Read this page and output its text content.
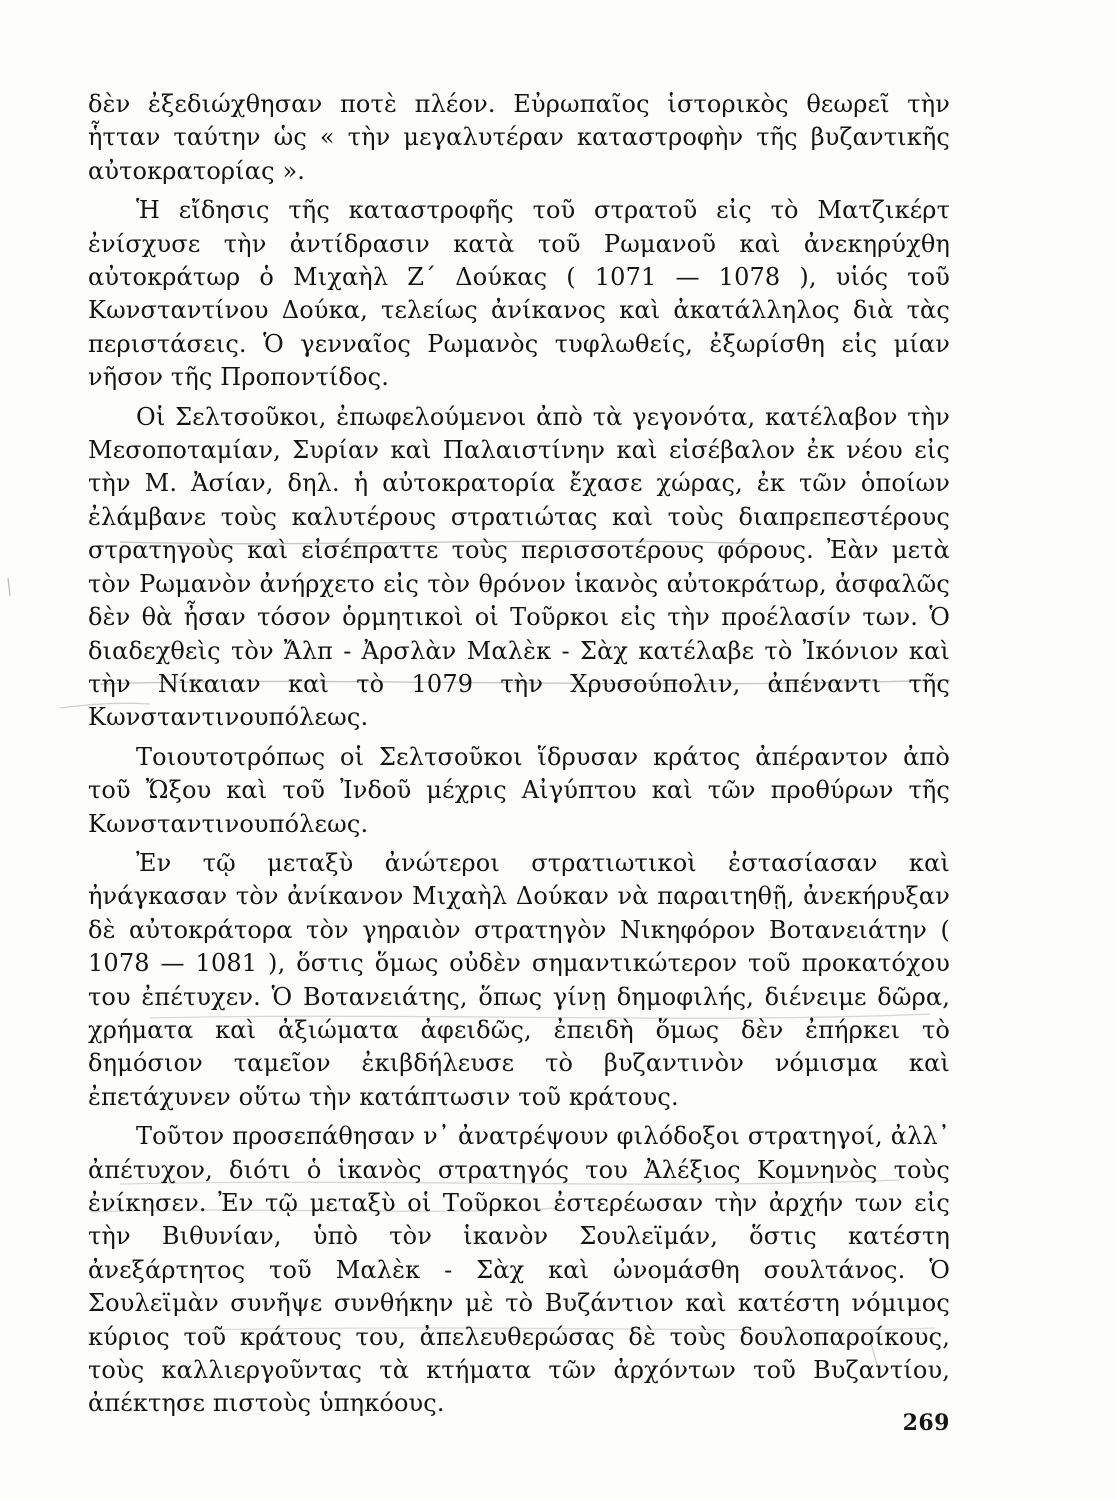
δὲν ἐξεδιώχθησαν ποτὲ πλέον. Εὐρωπαῖος ἱστορικὸς θεωρεῖ τὴν ἧτταν ταύτην ὡς « τὴν μεγαλυτέραν καταστροφὴν τῆς βυζαντικῆς αὐτοκρατορίας ».

Ἡ εἴδησις τῆς καταστροφῆς τοῦ στρατοῦ εἰς τὸ Ματζικέρτ ἐνίσχυσε τὴν ἀντίδρασιν κατὰ τοῦ Ρωμανοῦ καὶ ἀνεκηρύχθη αὐτοκράτωρ ὁ Μιχαὴλ Ζ΄ Δούκας ( 1071 — 1078 ), υἱός τοῦ Κωνσταντίνου Δούκα, τελείως ἀνίκανος καὶ ἀκατάλληλος διὰ τὰς περιστάσεις. Ὁ γενναῖος Ρωμανὸς τυφλωθείς, ἐξωρίσθη εἰς μίαν νῆσον τῆς Προποντίδος.

Οἱ Σελτσοῦκοι, ἐπωφελούμενοι ἀπὸ τὰ γεγονότα, κατέλαβον τὴν Μεσοποταμίαν, Συρίαν καὶ Παλαιστίνην καὶ εἰσέβαλον ἐκ νέου εἰς τὴν Μ. Ἀσίαν, δηλ. ἡ αὐτοκρατορία ἔχασε χώρας, ἐκ τῶν ὁποίων ἐλάμβανε τοὺς καλυτέρους στρατιώτας καὶ τοὺς διαπρεπεστέρους στρατηγοὺς καὶ εἰσέπραττε τοὺς περισσοτέρους φόρους. Ἐὰν μετὰ τὸν Ρωμανὸν ἀνήρχετο εἰς τὸν θρόνον ἱκανὸς αὐτοκράτωρ, ἀσφαλῶς δὲν θὰ ἦσαν τόσον ὁρμητικοὶ οἱ Τοῦρκοι εἰς τὴν προέλασίν των. Ὁ διαδεχθεὶς τὸν Ἄλπ - Ἀρσλὰν Μαλὲκ - Σὰχ κατέλαβε τὸ Ἰκόνιον καὶ τὴν Νίκαιαν καὶ τὸ 1079 τὴν Χρυσούπολιν, ἀπέναντι τῆς Κωνσταντινουπόλεως.

Τοιουτοτρόπως οἱ Σελτσοῦκοι ἵδρυσαν κράτος ἀπέραντον ἀπὸ τοῦ Ὤξου καὶ τοῦ Ἰνδοῦ μέχρις Αἰγύπτου καὶ τῶν προθύρων τῆς Κωνσταντινουπόλεως.

Ἐν τῷ μεταξὺ ἀνώτεροι στρατιωτικοὶ ἐστασίασαν καὶ ἠνάγκασαν τὸν ἀνίκανον Μιχαὴλ Δούκαν νὰ παραιτηθῇ, ἀνεκήρυξαν δὲ αὐτοκράτορα τὸν γηραιὸν στρατηγὸν Νικηφόρον Βοτανειάτην ( 1078 — 1081 ), ὅστις ὅμως οὐδὲν σημαντικώτερον τοῦ προκατόχου του ἐπέτυχεν. Ὁ Βοτανειάτης, ὅπως γίνῃ δημοφιλής, διένειμε δῶρα, χρήματα καὶ ἀξιώματα ἀφειδῶς, ἐπειδὴ ὅμως δὲν ἐπήρκει τὸ δημόσιον ταμεῖον ἐκιβδήλευσε τὸ βυζαντινὸν νόμισμα καὶ ἐπετάχυνεν οὕτω τὴν κατάπτωσιν τοῦ κράτους.

Τοῦτον προσεπάθησαν ν᾿ ἀνατρέψουν φιλόδοξοι στρατηγοί, ἀλλ᾿ ἀπέτυχον, διότι ὁ ἱκανὸς στρατηγός του Ἀλέξιος Κομνηνὸς τοὺς ἐνίκησεν. Ἐν τῷ μεταξὺ οἱ Τοῦρκοι ἐστερέωσαν τὴν ἀρχήν των εἰς τὴν Βιθυνίαν, ὑπὸ τὸν ἱκανὸν Σουλεϊμάν, ὅστις κατέστη ἀνεξάρτητος τοῦ Μαλὲκ - Σὰχ καὶ ὠνομάσθη σουλτάνος. Ὁ Σουλεϊμὰν συνῆψε συνθήκην μὲ τὸ Βυζάντιον καὶ κατέστη νόμιμος κύριος τοῦ κράτους του, ἀπελευθερώσας δὲ τοὺς δουλοπαροίκους, τοὺς καλλιεργοῦντας τὰ κτήματα τῶν ἀρχόντων τοῦ Βυζαντίου, ἀπέκτησε πιστοὺς ὑπηκόους.

269
